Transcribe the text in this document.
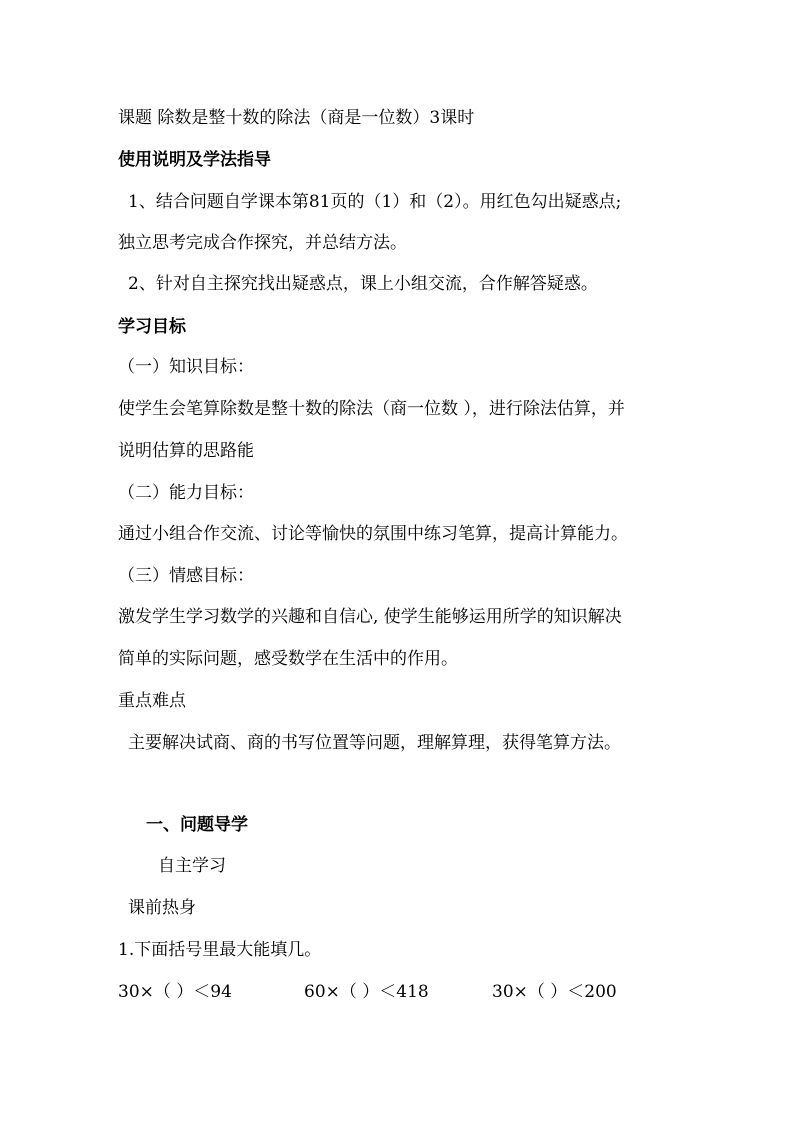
课题 除数是整十数的除法（商是一位数）3课时
使用说明及学法指导
1、结合问题自学课本第81页的（1）和（2）。用红色勾出疑惑点;
独立思考完成合作探究，并总结方法。
2、针对自主探究找出疑惑点，课上小组交流，合作解答疑惑。
学习目标
（一）知识目标：
使学生会笔算除数是整十数的除法（商一位数 ），进行除法估算，并
说明估算的思路能
（二）能力目标：
通过小组合作交流、讨论等愉快的氛围中练习笔算，提高计算能力。
（三）情感目标：
激发学生学习数学的兴趣和自信心, 使学生能够运用所学的知识解决
简单的实际问题，感受数学在生活中的作用。
重点难点
主要解决试商、商的书写位置等问题，理解算理，获得笔算方法。
一、问题导学
自主学习
课前热身
1.下面括号里最大能填几。
30×（ ）＜94	60×（ ）＜418	30×（ ）＜200
